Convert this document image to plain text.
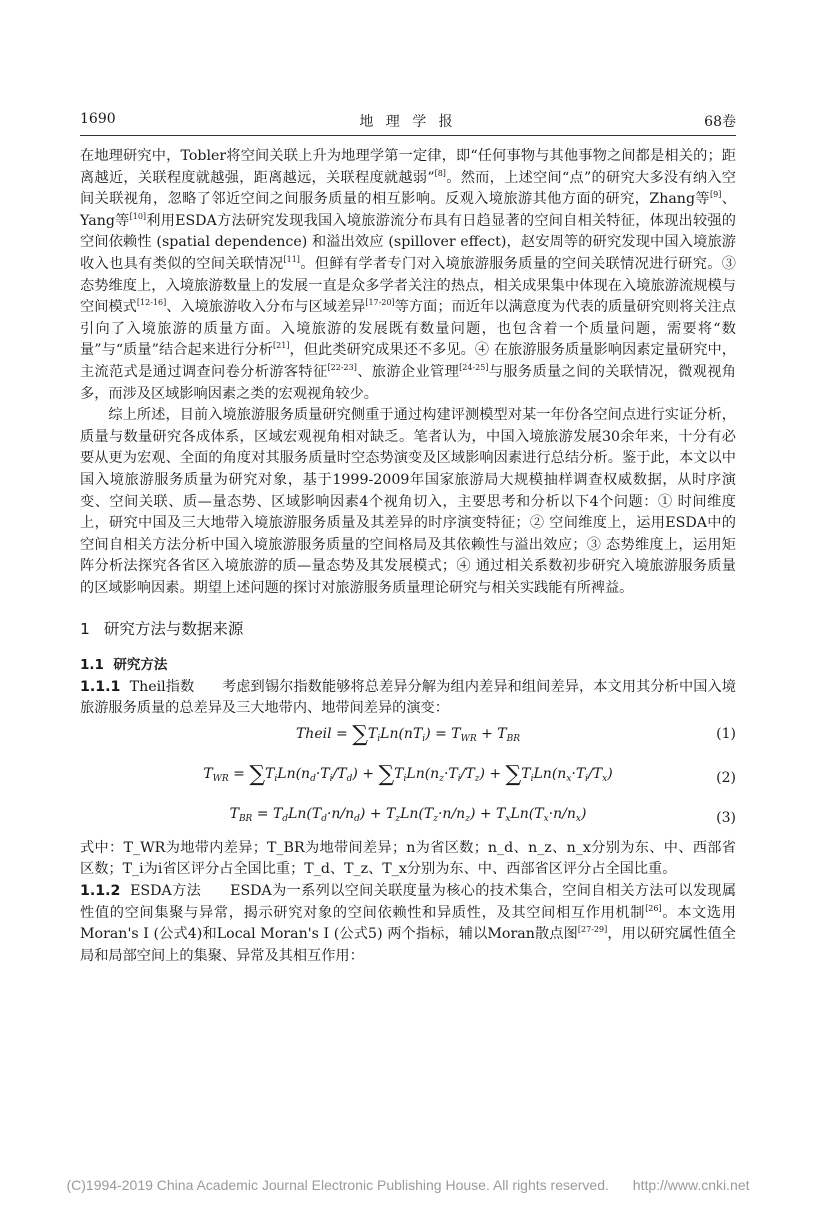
1690	地 理 学 报	68卷

在地理研究中，Tobler将空间关联上升为地理学第一定律，即“任何事物与其他事物之间都是相关的；距离越近，关联程度就越强，距离越远，关联程度就越弱”[8]。然而，上述空间“点”的研究大多没有纳入空间关联视角，忽略了邻近空间之间服务质量的相互影响。反观入境旅游其他方面的研究，Zhang等[9]、Yang等[10]利用ESDA方法研究发现我国入境旅游流分布具有日趋显著的空间自相关特征，体现出较强的空间依赖性 (spatial dependence) 和溢出效应 (spillover effect)，赵安周等的研究发现中国入境旅游收入也具有类似的空间关联情况[11]。但鲜有学者专门对入境旅游服务质量的空间关联情况进行研究。③ 态势维度上，入境旅游数量上的发展一直是众多学者关注的热点，相关成果集中体现在入境旅游流规模与空间模式[12-16]、入境旅游收入分布与区域差异[17-20]等方面；而近年以满意度为代表的质量研究则将关注点引向了入境旅游的质量方面。入境旅游的发展既有数量问题，也包含着一个质量问题，需要将“数量”与“质量”结合起来进行分析[21]，但此类研究成果还不多见。④ 在旅游服务质量影响因素定量研究中，主流范式是通过调查问卷分析游客特征[22-23]、旅游企业管理[24-25]与服务质量之间的关联情况，微观视角多，而涉及区域影响因素之类的宏观视角较少。

综上所述，目前入境旅游服务质量研究侧重于通过构建评测模型对某一年份各空间点进行实证分析，质量与数量研究各成体系，区域宏观视角相对缺乏。笔者认为，中国入境旅游发展30余年来，十分有必要从更为宏观、全面的角度对其服务质量时空态势演变及区域影响因素进行总结分析。鉴于此，本文以中国入境旅游服务质量为研究对象，基于1999-2009年国家旅游局大规模抽样调查权威数据，从时序演变、空间关联、质—量态势、区域影响因素4个视角切入，主要思考和分析以下4个问题：① 时间维度上，研究中国及三大地带入境旅游服务质量及其差异的时序演变特征；② 空间维度上，运用ESDA中的空间自相关方法分析中国入境旅游服务质量的空间格局及其依赖性与溢出效应；③ 态势维度上，运用矩阵分析法探究各省区入境旅游的质—量态势及其发展模式；④ 通过相关系数初步研究入境旅游服务质量的区域影响因素。期望上述问题的探讨对旅游服务质量理论研究与相关实践能有所裨益。

1 研究方法与数据来源
1.1 研究方法

1.1.1 Theil指数 考虑到锡尔指数能够将总差异分解为组内差异和组间差异，本文用其分析中国入境旅游服务质量的总差异及三大地带内、地带间差异的演变：

Theil = $\sum T_iLn(nT_i) = T_{WR} + T_{BR}$	(1)
$T_{WR} = \sum T_iLn(n_d\cdot T_i/T_d) + \sum T_iLn(n_z\cdot T_i/T_z) + \sum T_iLn(n_x\cdot T_i/T_x)$	(2)
$T_{BR} = T_dLn(T_d\cdot n/n_d) + T_zLn(T_z\cdot n/n_z) + T_xLn(T_x\cdot n/n_x)$	(3)

式中：T_WR为地带内差异；T_BR为地带间差异；n为省区数；n_d、n_z、n_x分别为东、中、西部省区数；T_i为i省区评分占全国比重；T_d、T_z、T_x分别为东、中、西部省区评分占全国比重。

1.1.2 ESDA方法 ESDA为一系列以空间关联度量为核心的技术集合，空间自相关方法可以发现属性值的空间集聚与异常，揭示研究对象的空间依赖性和异质性，及其空间相互作用机制[26]。本文选用Moran's I (公式4)和Local Moran's I (公式5) 两个指标，辅以Moran散点图[27-29]，用以研究属性值全局和局部空间上的集聚、异常及其相互作用：

(C)1994-2019 China Academic Journal Electronic Publishing House. All rights reserved. http://www.cnki.net
